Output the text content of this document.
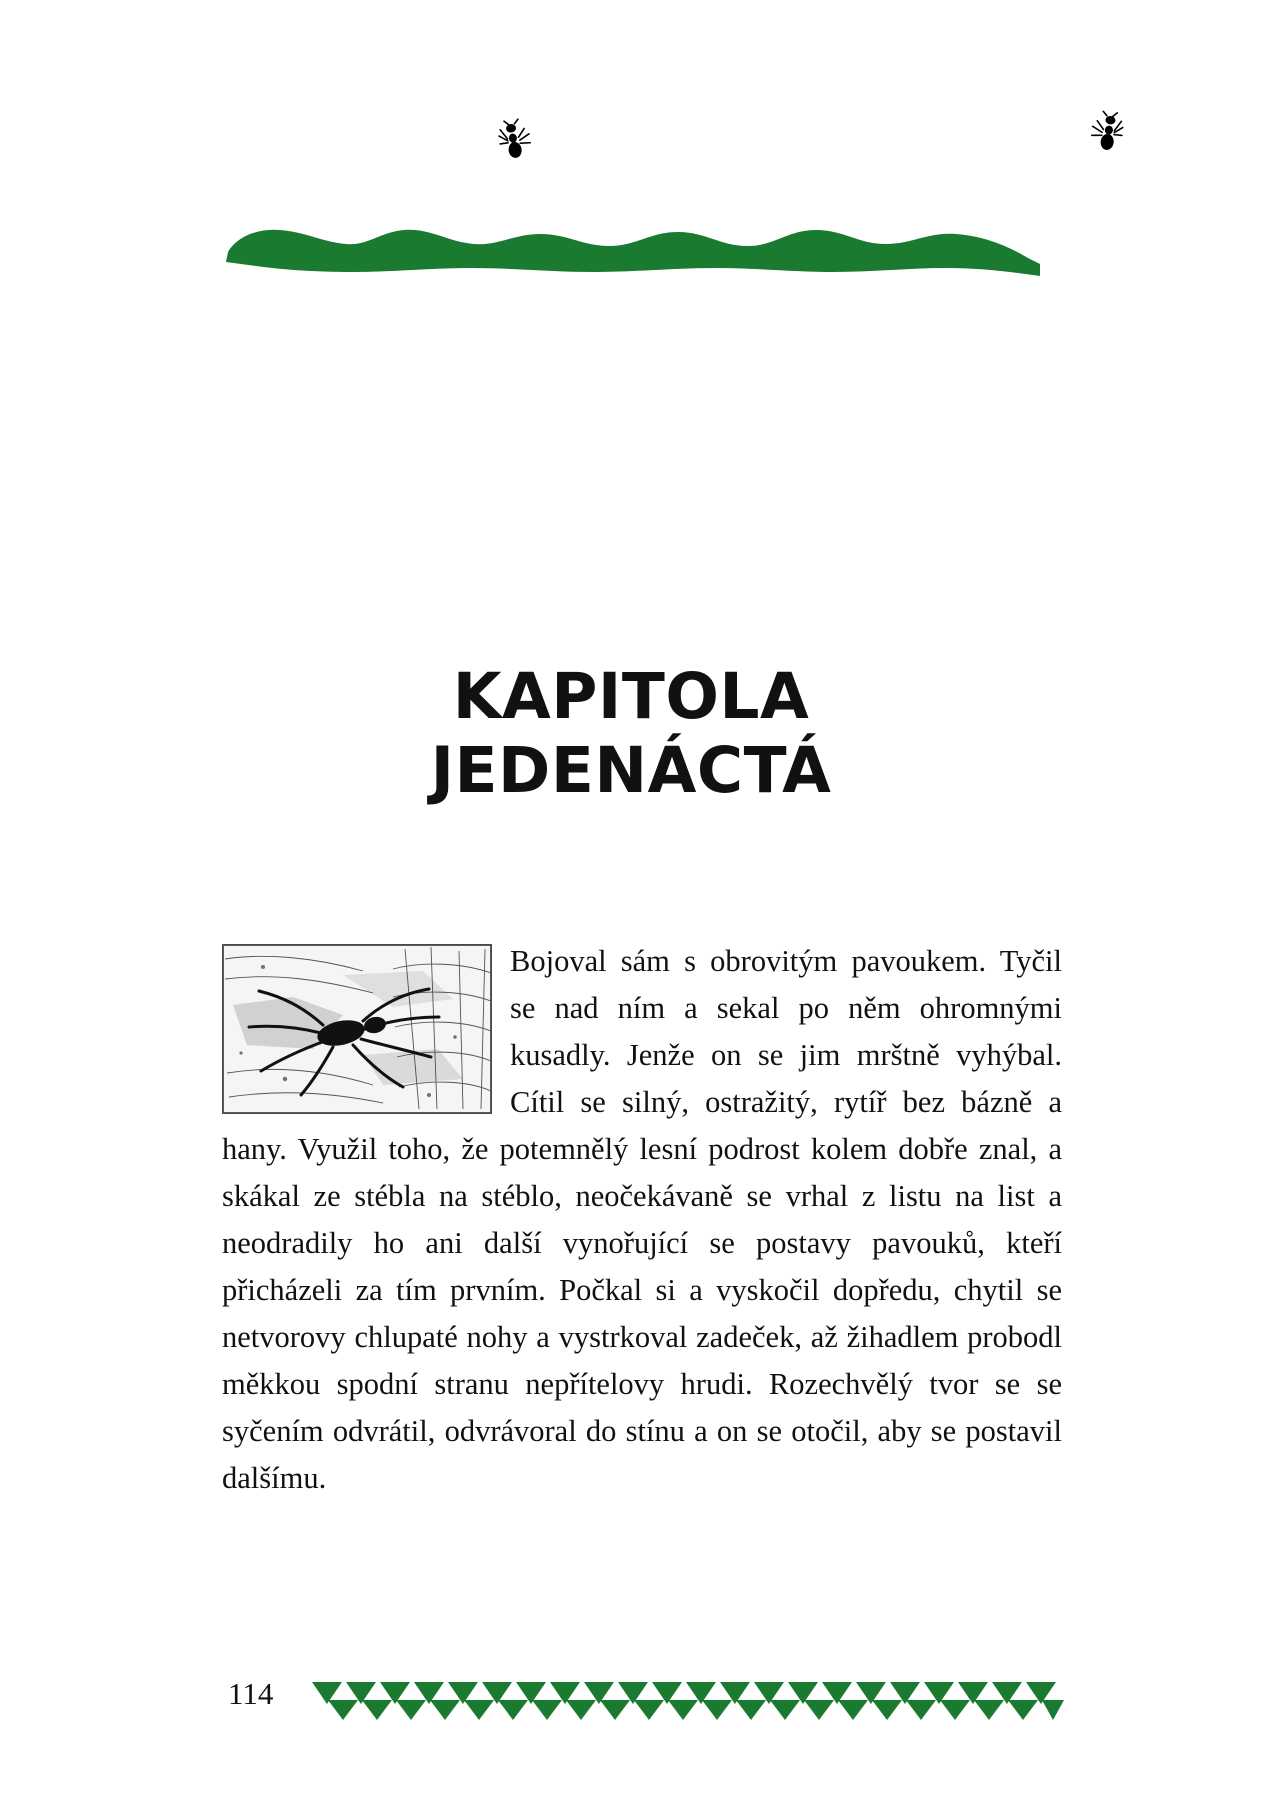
KAPITOLA
JEDENÁCTÁ

Bojoval sám s obrovitým pavoukem. Tyčil se nad ním a sekal po něm ohromnými kusadly. Jenže on se jim mrštně vyhýbal. Cítil se silný, ostražitý, rytíř bez bázně a hany. Využil toho, že potemnělý lesní podrost kolem dobře znal, a skákal ze stébla na stéblo, neočekávaně se vrhal z listu na list a neodradily ho ani další vynořující se postavy pavouků, kteří přicházeli za tím prvním. Počkal si a vyskočil dopředu, chytil se netvorovy chlupaté nohy a vystrkoval zadeček, až žihadlem probodl měkkou spodní stranu nepřítelovy hrudi. Rozechvělý tvor se se syčením odvrátil, odvrávoral do stínu a on se otočil, aby se postavil dalšímu.

114
